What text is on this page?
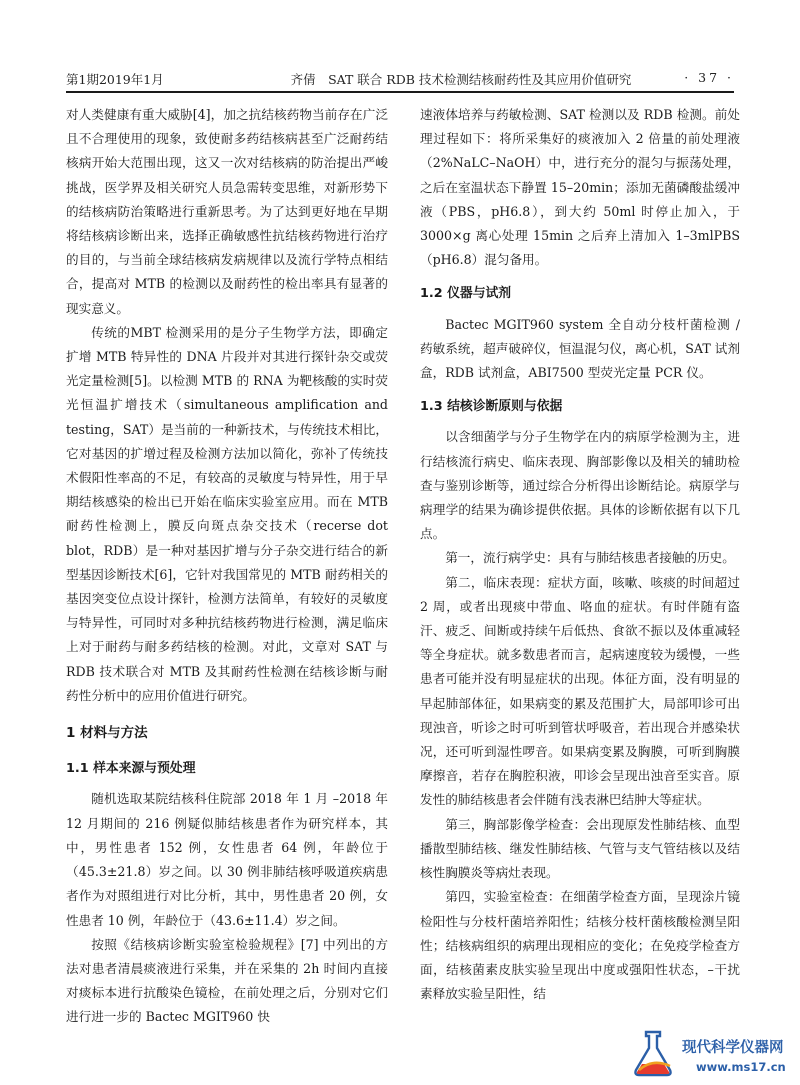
第1期2019年1月	齐倩　SAT 联合 RDB 技术检测结核耐药性及其应用价值研究	· 37 ·

对人类健康有重大威胁[4]，加之抗结核药物当前存在广泛且不合理使用的现象，致使耐多药结核病甚至广泛耐药结核病开始大范围出现，这又一次对结核病的防治提出严峻挑战，医学界及相关研究人员急需转变思维，对新形势下的结核病防治策略进行重新思考。为了达到更好地在早期将结核病诊断出来，选择正确敏感性抗结核药物进行治疗的目的，与当前全球结核病发病规律以及流行学特点相结合，提高对 MTB 的检测以及耐药性的检出率具有显著的现实意义。

传统的MBT 检测采用的是分子生物学方法，即确定扩增 MTB 特异性的 DNA 片段并对其进行探针杂交或荧光定量检测[5]。以检测 MTB 的 RNA 为靶核酸的实时荧光恒温扩增技术（simultaneous amplification and testing，SAT）是当前的一种新技术，与传统技术相比，它对基因的扩增过程及检测方法加以简化，弥补了传统技术假阳性率高的不足，有较高的灵敏度与特异性，用于早期结核感染的检出已开始在临床实验室应用。而在 MTB 耐药性检测上，膜反向斑点杂交技术（recerse dot blot，RDB）是一种对基因扩增与分子杂交进行结合的新型基因诊断技术[6]，它针对我国常见的 MTB 耐药相关的基因突变位点设计探针，检测方法简单，有较好的灵敏度与特异性，可同时对多种抗结核药物进行检测，满足临床上对于耐药与耐多药结核的检测。对此，文章对 SAT 与 RDB 技术联合对 MTB 及其耐药性检测在结核诊断与耐药性分析中的应用价值进行研究。

1 材料与方法
1.1 样本来源与预处理

随机选取某院结核科住院部 2018 年 1 月 –2018 年 12 月期间的 216 例疑似肺结核患者作为研究样本，其中，男性患者 152 例，女性患者 64 例，年龄位于（45.3±21.8）岁之间。以 30 例非肺结核呼吸道疾病患者作为对照组进行对比分析，其中，男性患者 20 例，女性患者 10 例，年龄位于（43.6±11.4）岁之间。

按照《结核病诊断实验室检验规程》[7] 中列出的方法对患者清晨痰液进行采集，并在采集的 2h 时间内直接对痰标本进行抗酸染色镜检，在前处理之后，分别对它们进行进一步的 Bactec MGIT960 快

速液体培养与药敏检测、SAT 检测以及 RDB 检测。前处理过程如下：将所采集好的痰液加入 2 倍量的前处理液（2%NaLC–NaOH）中，进行充分的混匀与振荡处理，之后在室温状态下静置 15–20min；添加无菌磷酸盐缓冲液（PBS，pH6.8），到大约 50ml 时停止加入，于 3000×g 离心处理 15min 之后弃上清加入 1–3mlPBS（pH6.8）混匀备用。

1.2 仪器与试剂

Bactec MGIT960 system 全自动分枝杆菌检测 / 药敏系统，超声破碎仪，恒温混匀仪，离心机，SAT 试剂盒，RDB 试剂盒，ABI7500 型荧光定量 PCR 仪。

1.3 结核诊断原则与依据

以含细菌学与分子生物学在内的病原学检测为主，进行结核流行病史、临床表现、胸部影像以及相关的辅助检查与鉴别诊断等，通过综合分析得出诊断结论。病原学与病理学的结果为确诊提供依据。具体的诊断依据有以下几点。

第一，流行病学史：具有与肺结核患者接触的历史。

第二，临床表现：症状方面，咳嗽、咳痰的时间超过 2 周，或者出现痰中带血、咯血的症状。有时伴随有盗汗、疲乏、间断或持续午后低热、食欲不振以及体重减轻等全身症状。就多数患者而言，起病速度较为缓慢，一些患者可能并没有明显症状的出现。体征方面，没有明显的早起肺部体征，如果病变的累及范围扩大，局部叩诊可出现浊音，听诊之时可听到管状呼吸音，若出现合并感染状况，还可听到湿性啰音。如果病变累及胸膜，可听到胸膜摩擦音，若存在胸腔积液，叩诊会呈现出浊音至实音。原发性的肺结核患者会伴随有浅表淋巴结肿大等症状。

第三，胸部影像学检查：会出现原发性肺结核、血型播散型肺结核、继发性肺结核、气管与支气管结核以及结核性胸膜炎等病灶表现。

第四，实验室检查：在细菌学检查方面，呈现涂片镜检阳性与分枝杆菌培养阳性；结核分枝杆菌核酸检测呈阳性；结核病组织的病理出现相应的变化；在免疫学检查方面，结核菌素皮肤实验呈现出中度或强阳性状态，–干扰素释放实验呈阳性，结

现代科学仪器网
www.ms17.cn
